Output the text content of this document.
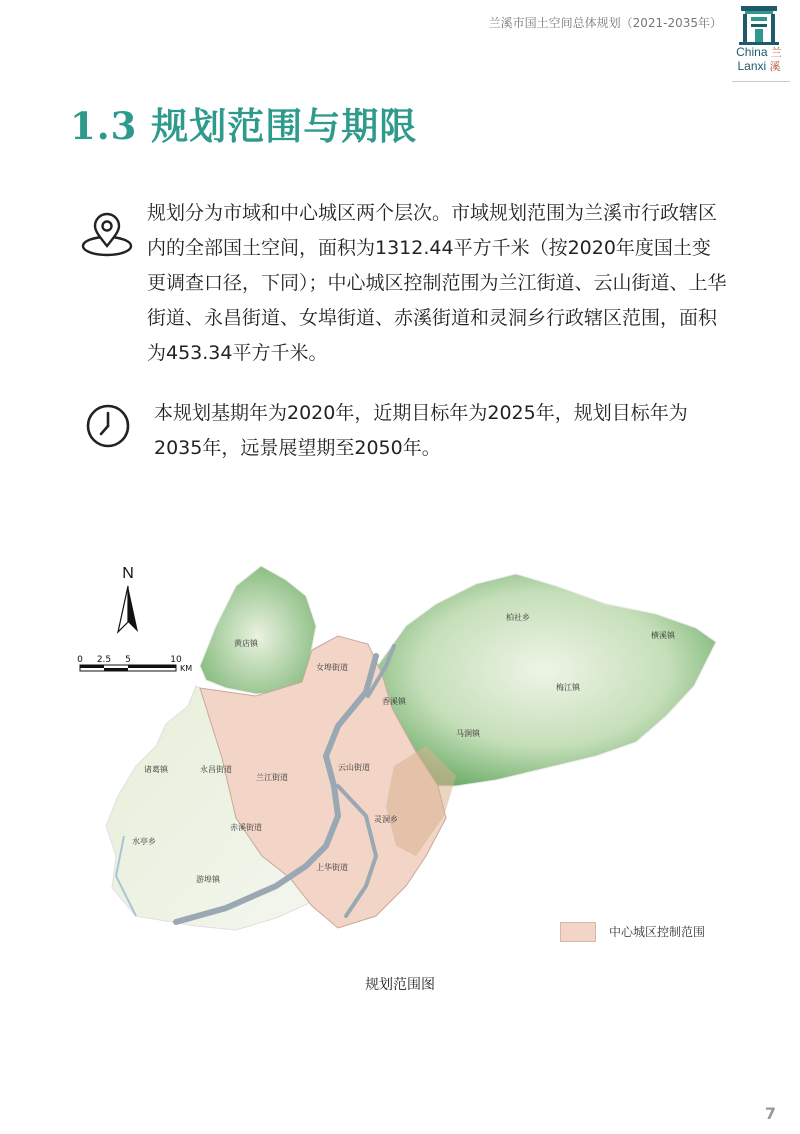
兰溪市国土空间总体规划（2021-2035年）
China 兰
Lanxi 溪
1.3 规划范围与期限
规划分为市域和中心城区两个层次。市域规划范围为兰溪市行政辖区内的全部国土空间，面积为1312.44平方千米（按2020年度国土变更调查口径，下同）；中心城区控制范围为兰江街道、云山街道、上华街道、永昌街道、女埠街道、赤溪街道和灵洞乡行政辖区范围，面积为453.34平方千米。
本规划基期年为2020年，近期目标年为2025年，规划目标年为2035年，远景展望期至2050年。
N
0 2.5 5	10
KM
黄店镇
柏社乡
横溪镇
女埠街道
香溪镇
梅江镇
马涧镇
诸葛镇	永昌街道
兰江街道
云山街道
灵洞乡
赤溪街道
水亭乡
游埠镇
上华街道
中心城区控制范围
规划范围图
7
